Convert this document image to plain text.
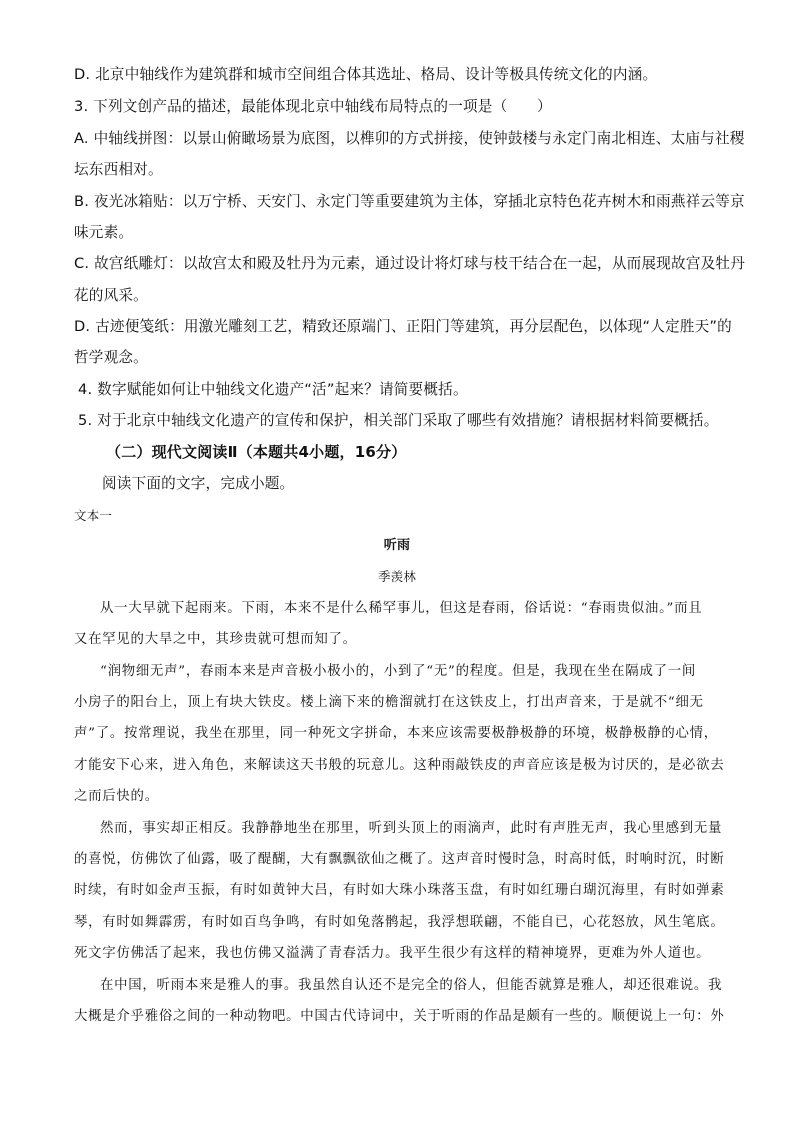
D. 北京中轴线作为建筑群和城市空间组合体其选址、格局、设计等极具传统文化的内涵。
3. 下列文创产品的描述，最能体现北京中轴线布局特点的一项是（　　）
A. 中轴线拼图：以景山俯瞰场景为底图，以榫卯的方式拼接，使钟鼓楼与永定门南北相连、太庙与社稷
坛东西相对。
B. 夜光冰箱贴：以万宁桥、天安门、永定门等重要建筑为主体，穿插北京特色花卉树木和雨燕祥云等京
味元素。
C. 故宫纸雕灯：以故宫太和殿及牡丹为元素，通过设计将灯球与枝干结合在一起，从而展现故宫及牡丹
花的风采。
D. 古迹便笺纸：用激光雕刻工艺，精致还原端门、正阳门等建筑，再分层配色，以体现“人定胜天”的
哲学观念。
4. 数字赋能如何让中轴线文化遗产“活”起来？请简要概括。
5. 对于北京中轴线文化遗产的宣传和保护，相关部门采取了哪些有效措施？请根据材料简要概括。
（二）现代文阅读Ⅱ（本题共4小题，16分）
阅读下面的文字，完成小题。
文本一
听雨
季羡林
从一大早就下起雨来。下雨，本来不是什么稀罕事儿，但这是春雨，俗话说：“春雨贵似油。”而且
又在罕见的大旱之中，其珍贵就可想而知了。
“润物细无声”，春雨本来是声音极小极小的，小到了“无”的程度。但是，我现在坐在隔成了一间
小房子的阳台上，顶上有块大铁皮。楼上滴下来的檐溜就打在这铁皮上，打出声音来，于是就不“细无
声”了。按常理说，我坐在那里，同一种死文字拼命，本来应该需要极静极静的环境，极静极静的心情，
才能安下心来，进入角色，来解读这天书般的玩意儿。这种雨敲铁皮的声音应该是极为讨厌的，是必欲去
之而后快的。
然而，事实却正相反。我静静地坐在那里，听到头顶上的雨滴声，此时有声胜无声，我心里感到无量
的喜悦，仿佛饮了仙露，吸了醍醐，大有飘飘欲仙之概了。这声音时慢时急，时高时低，时响时沉，时断
时续，有时如金声玉振，有时如黄钟大吕，有时如大珠小珠落玉盘，有时如红珊白瑚沉海里，有时如弹素
琴，有时如舞霹雳，有时如百鸟争鸣，有时如兔落鹘起，我浮想联翩，不能自已，心花怒放，风生笔底。
死文字仿佛活了起来，我也仿佛又溢满了青春活力。我平生很少有这样的精神境界，更难为外人道也。
在中国，听雨本来是雅人的事。我虽然自认还不是完全的俗人，但能否就算是雅人，却还很难说。我
大概是介乎雅俗之间的一种动物吧。中国古代诗词中，关于听雨的作品是颇有一些的。顺便说上一句：外
